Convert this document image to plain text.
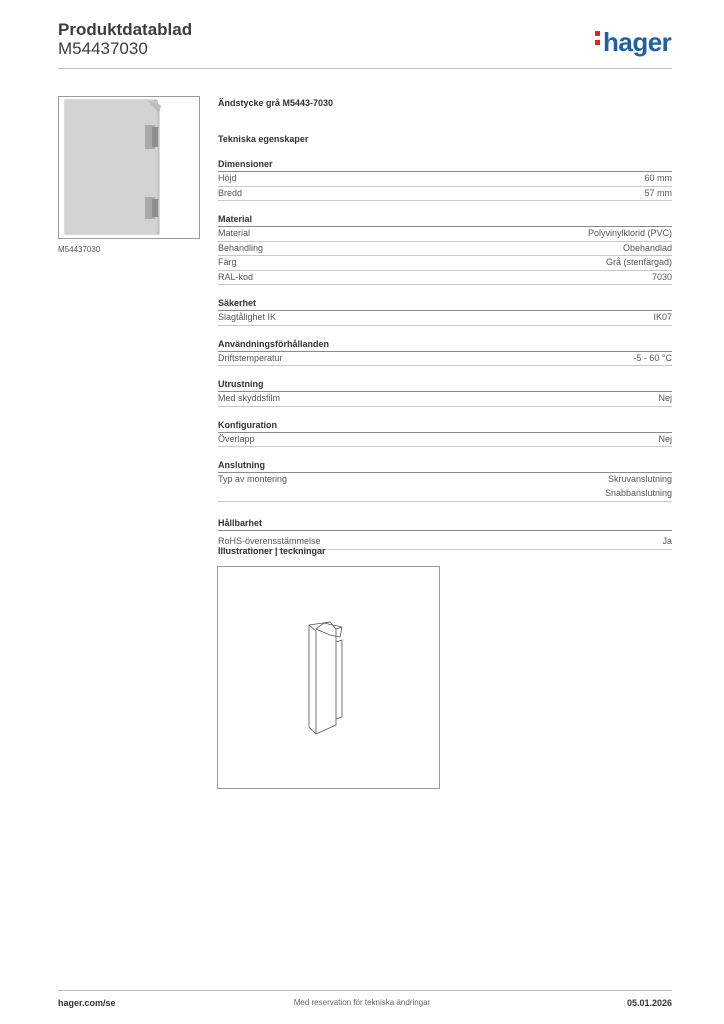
Produktdatablad
M54437030	hager
M54437030
Ändstycke grå M5443-7030
Tekniska egenskaper
Dimensioner
Höjd	60 mm
Bredd	57 mm
Material
Material	Polyvinylklorid (PVC)
Behandling	Obehandlad
Färg	Grå (stenfärgad)
RAL-kod	7030
Säkerhet
Slagtålighet IK	IK07
Användningsförhållanden
Driftstemperatur	-5 - 60 °C
Utrustning
Med skyddsfilm	Nej
Konfiguration
Överlapp	Nej
Anslutning
Typ av montering	Skruvanslutning
Snabbanslutning
Hållbarhet
RoHS-överensstämmelse	Ja
Illustrationer | teckningar
hager.com/se	Med reservation för tekniska ändringar	05.01.2026
